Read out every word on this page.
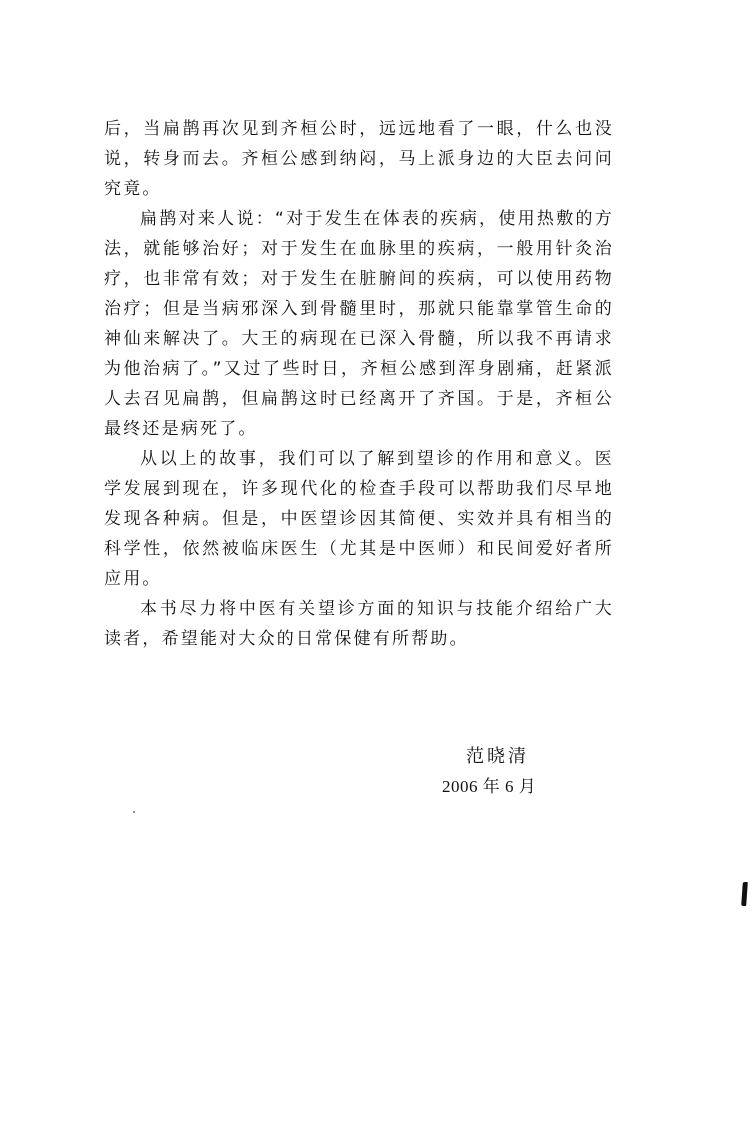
后，当扁鹊再次见到齐桓公时，远远地看了一眼，什么也没说，转身而去。齐桓公感到纳闷，马上派身边的大臣去问问究竟。

扁鹊对来人说：“对于发生在体表的疾病，使用热敷的方法，就能够治好；对于发生在血脉里的疾病，一般用针灸治疗，也非常有效；对于发生在脏腑间的疾病，可以使用药物治疗；但是当病邪深入到骨髓里时，那就只能靠掌管生命的神仙来解决了。大王的病现在已深入骨髓，所以我不再请求为他治病了。”又过了些时日，齐桓公感到浑身剧痛，赶紧派人去召见扁鹊，但扁鹊这时已经离开了齐国。于是，齐桓公最终还是病死了。

从以上的故事，我们可以了解到望诊的作用和意义。医学发展到现在，许多现代化的检查手段可以帮助我们尽早地发现各种病。但是，中医望诊因其简便、实效并具有相当的科学性，依然被临床医生（尤其是中医师）和民间爱好者所应用。

本书尽力将中医有关望诊方面的知识与技能介绍给广大读者，希望能对大众的日常保健有所帮助。

范晓清

2006 年 6 月
